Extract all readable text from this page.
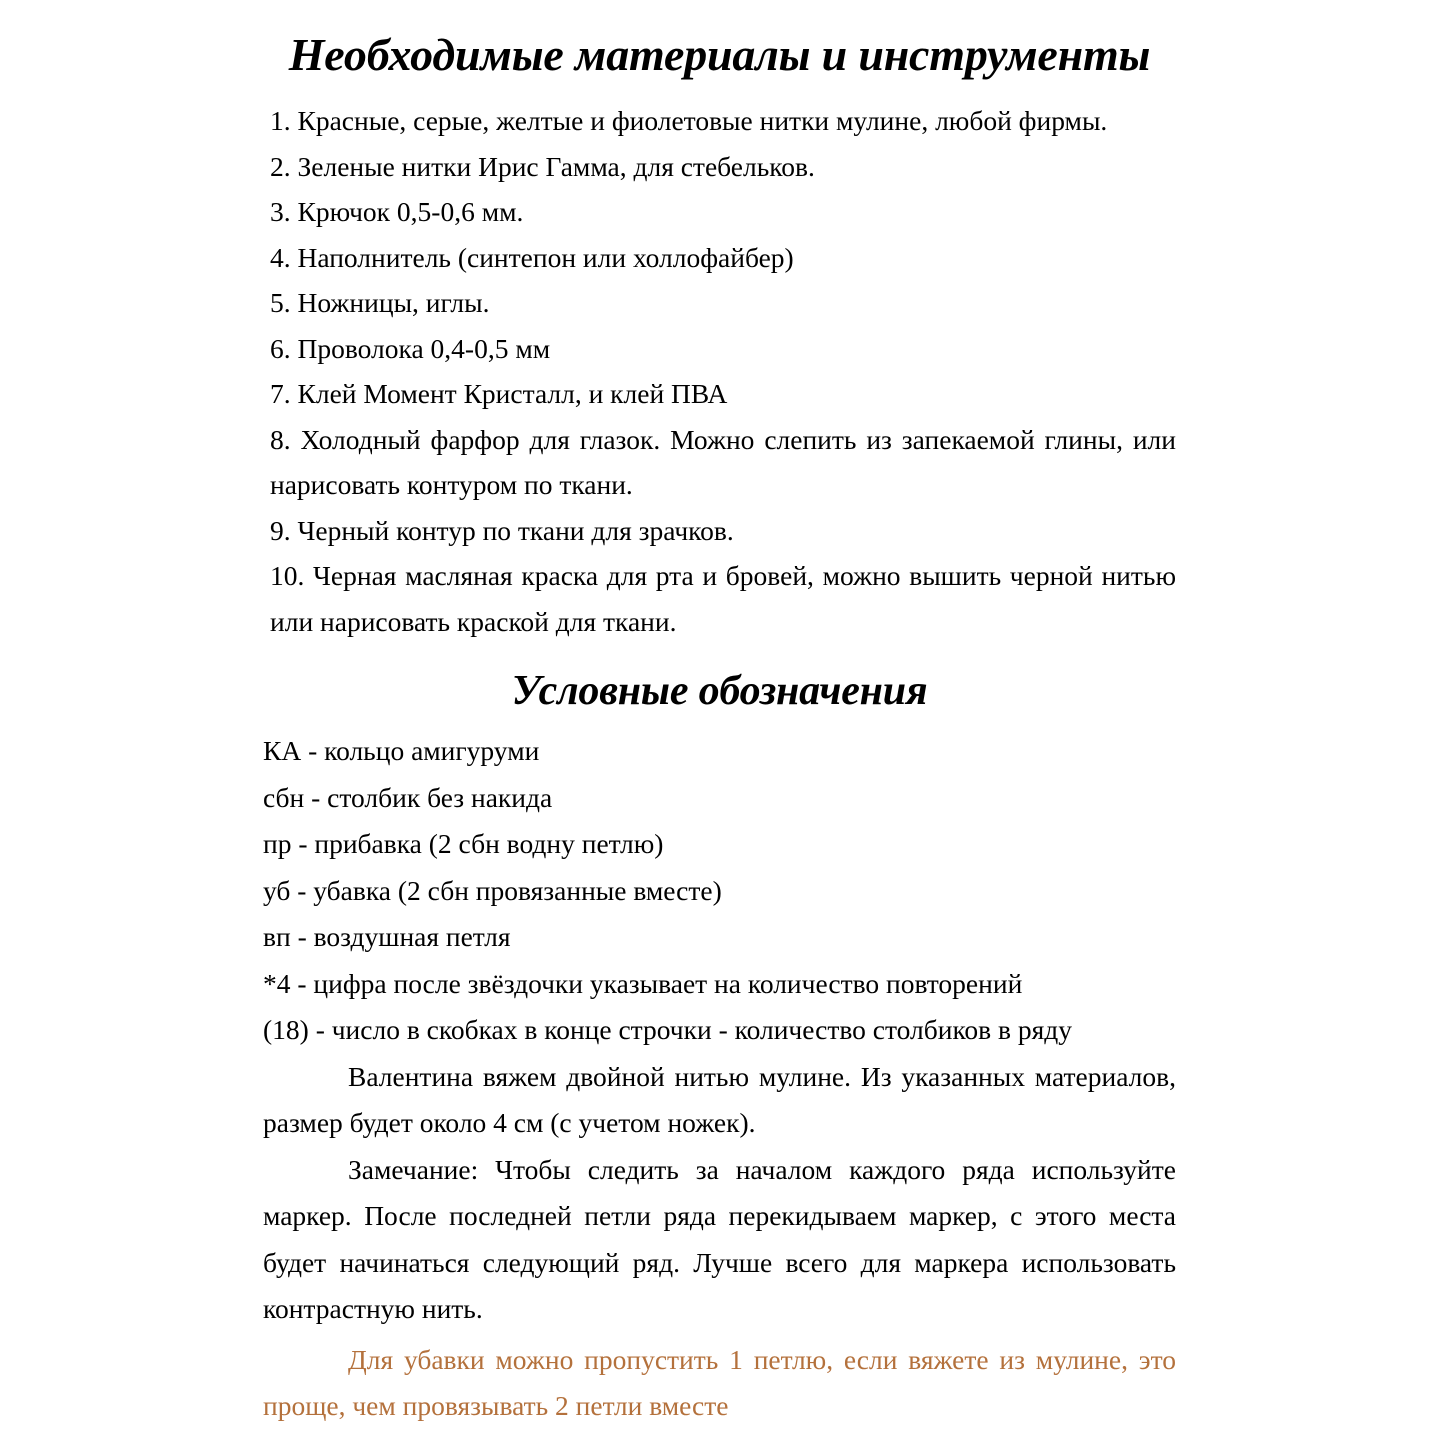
Необходимые материалы и инструменты
1. Красные, серые, желтые и фиолетовые нитки мулине, любой фирмы.
2. Зеленые нитки Ирис Гамма, для стебельков.
3. Крючок 0,5-0,6 мм.
4. Наполнитель (синтепон или холлофайбер)
5. Ножницы, иглы.
6. Проволока 0,4-0,5 мм
7. Клей Момент Кристалл, и клей ПВА
8. Холодный фарфор для глазок. Можно слепить из запекаемой глины, или нарисовать контуром по ткани.
9. Черный контур по ткани для зрачков.
10. Черная масляная краска для рта и бровей, можно вышить черной нитью или нарисовать краской для ткани.
Условные обозначения
КА - кольцо амигуруми
сбн - столбик без накида
пр - прибавка (2 сбн водну петлю)
уб - убавка (2 сбн провязанные вместе)
вп - воздушная петля
*4 - цифра после звёздочки указывает на количество повторений
(18) - число в скобках в конце строчки - количество столбиков в ряду

Валентина вяжем двойной нитью мулине. Из указанных материалов, размер будет около 4 см (с учетом ножек).

Замечание: Чтобы следить за началом каждого ряда используйте маркер. После последней петли ряда перекидываем маркер, с этого места будет начинаться следующий ряд. Лучше всего для маркера использовать контрастную нить.

Для убавки можно пропустить 1 петлю, если вяжете из мулине, это проще, чем провязывать 2 петли вместе
